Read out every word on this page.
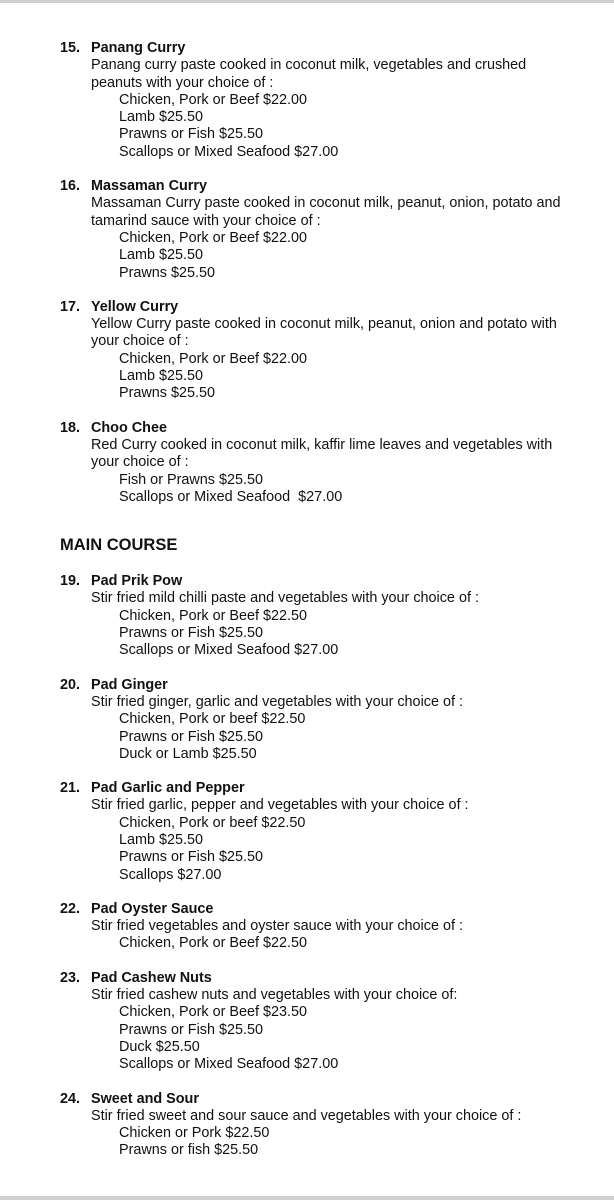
15. Panang Curry
Panang curry paste cooked in coconut milk, vegetables and crushed peanuts with your choice of :
Chicken, Pork or Beef $22.00
Lamb $25.50
Prawns or Fish $25.50
Scallops or Mixed Seafood $27.00
16. Massaman Curry
Massaman Curry paste cooked in coconut milk, peanut, onion, potato and tamarind sauce with your choice of :
Chicken, Pork or Beef $22.00
Lamb $25.50
Prawns $25.50
17. Yellow Curry
Yellow Curry paste cooked in coconut milk, peanut, onion and potato with your choice of :
Chicken, Pork or Beef $22.00
Lamb $25.50
Prawns $25.50
18. Choo Chee
Red Curry cooked in coconut milk, kaffir lime leaves and vegetables with your choice of :
Fish or Prawns $25.50
Scallops or Mixed Seafood  $27.00
MAIN COURSE
19. Pad Prik Pow
Stir fried mild chilli paste and vegetables with your choice of :
Chicken, Pork or Beef $22.50
Prawns or Fish $25.50
Scallops or Mixed Seafood $27.00
20. Pad Ginger
Stir fried ginger, garlic and vegetables with your choice of :
Chicken, Pork or beef $22.50
Prawns or Fish $25.50
Duck or Lamb $25.50
21. Pad Garlic and Pepper
Stir fried garlic, pepper and vegetables with your choice of :
Chicken, Pork or beef $22.50
Lamb $25.50
Prawns or Fish $25.50
Scallops $27.00
22. Pad Oyster Sauce
Stir fried vegetables and oyster sauce with your choice of :
Chicken, Pork or Beef $22.50
23. Pad Cashew Nuts
Stir fried cashew nuts and vegetables with your choice of:
Chicken, Pork or Beef $23.50
Prawns or Fish $25.50
Duck $25.50
Scallops or Mixed Seafood $27.00
24. Sweet and Sour
Stir fried sweet and sour sauce and vegetables with your choice of :
Chicken or Pork $22.50
Prawns or fish $25.50
